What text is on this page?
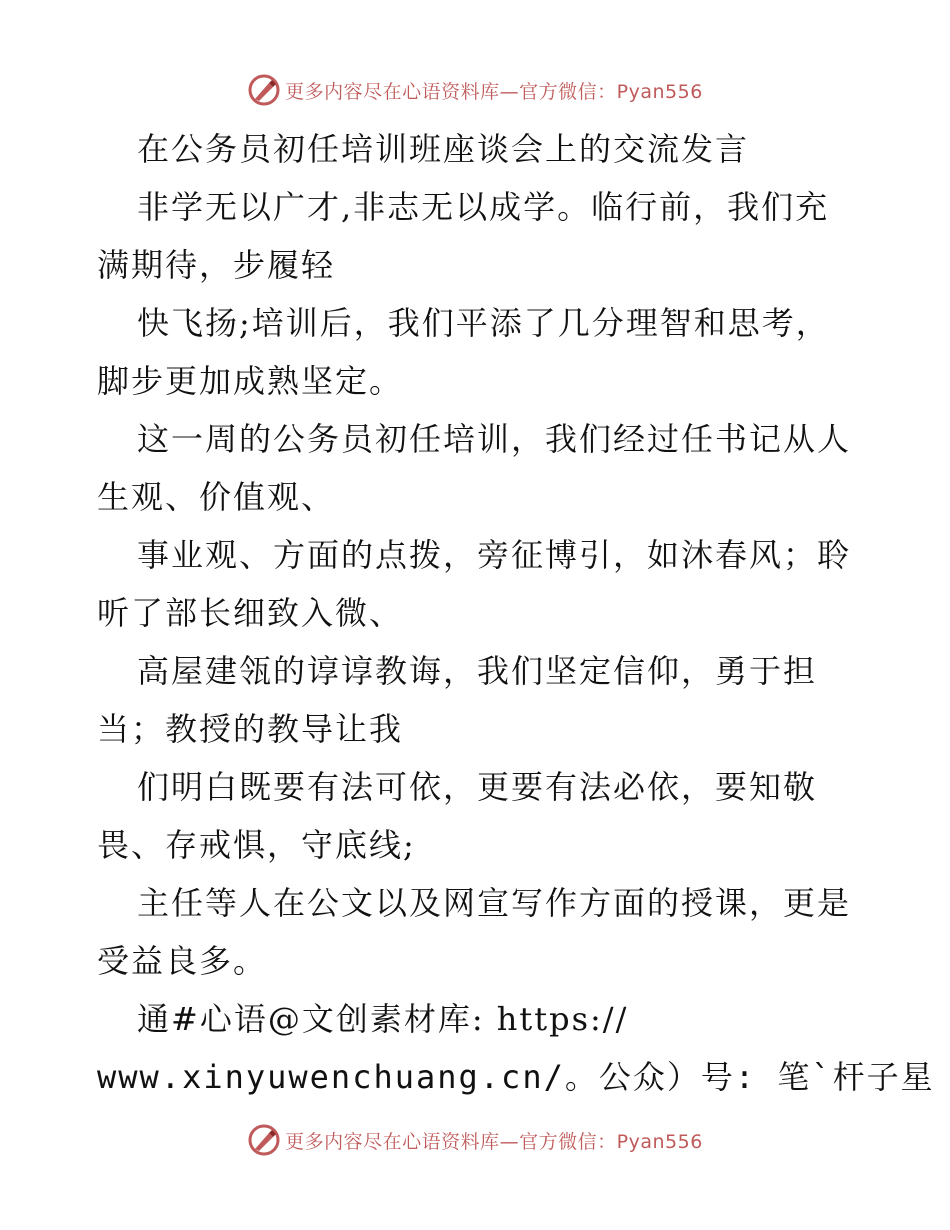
更多内容尽在心语资料库—官方微信：Pyan556
在公务员初任培训班座谈会上的交流发言
非学无以广才,非志无以成学。临行前，我们充
满期待，步履轻
快飞扬;培训后，我们平添了几分理智和思考，
脚步更加成熟坚定。
这一周的公务员初任培训，我们经过任书记从人
生观、价值观、
事业观、方面的点拨，旁征博引，如沐春风；聆
听了部长细致入微、
高屋建瓴的谆谆教诲，我们坚定信仰，勇于担
当；教授的教导让我
们明白既要有法可依，更要有法必依，要知敬
畏、存戒惧，守底线;
主任等人在公文以及网宣写作方面的授课，更是
受益良多。
通#心语@文创素材库: https://
www.xinyuwenchuang.cn/。公众）号: 笔`杆子星
更多内容尽在心语资料库—官方微信：Pyan556
